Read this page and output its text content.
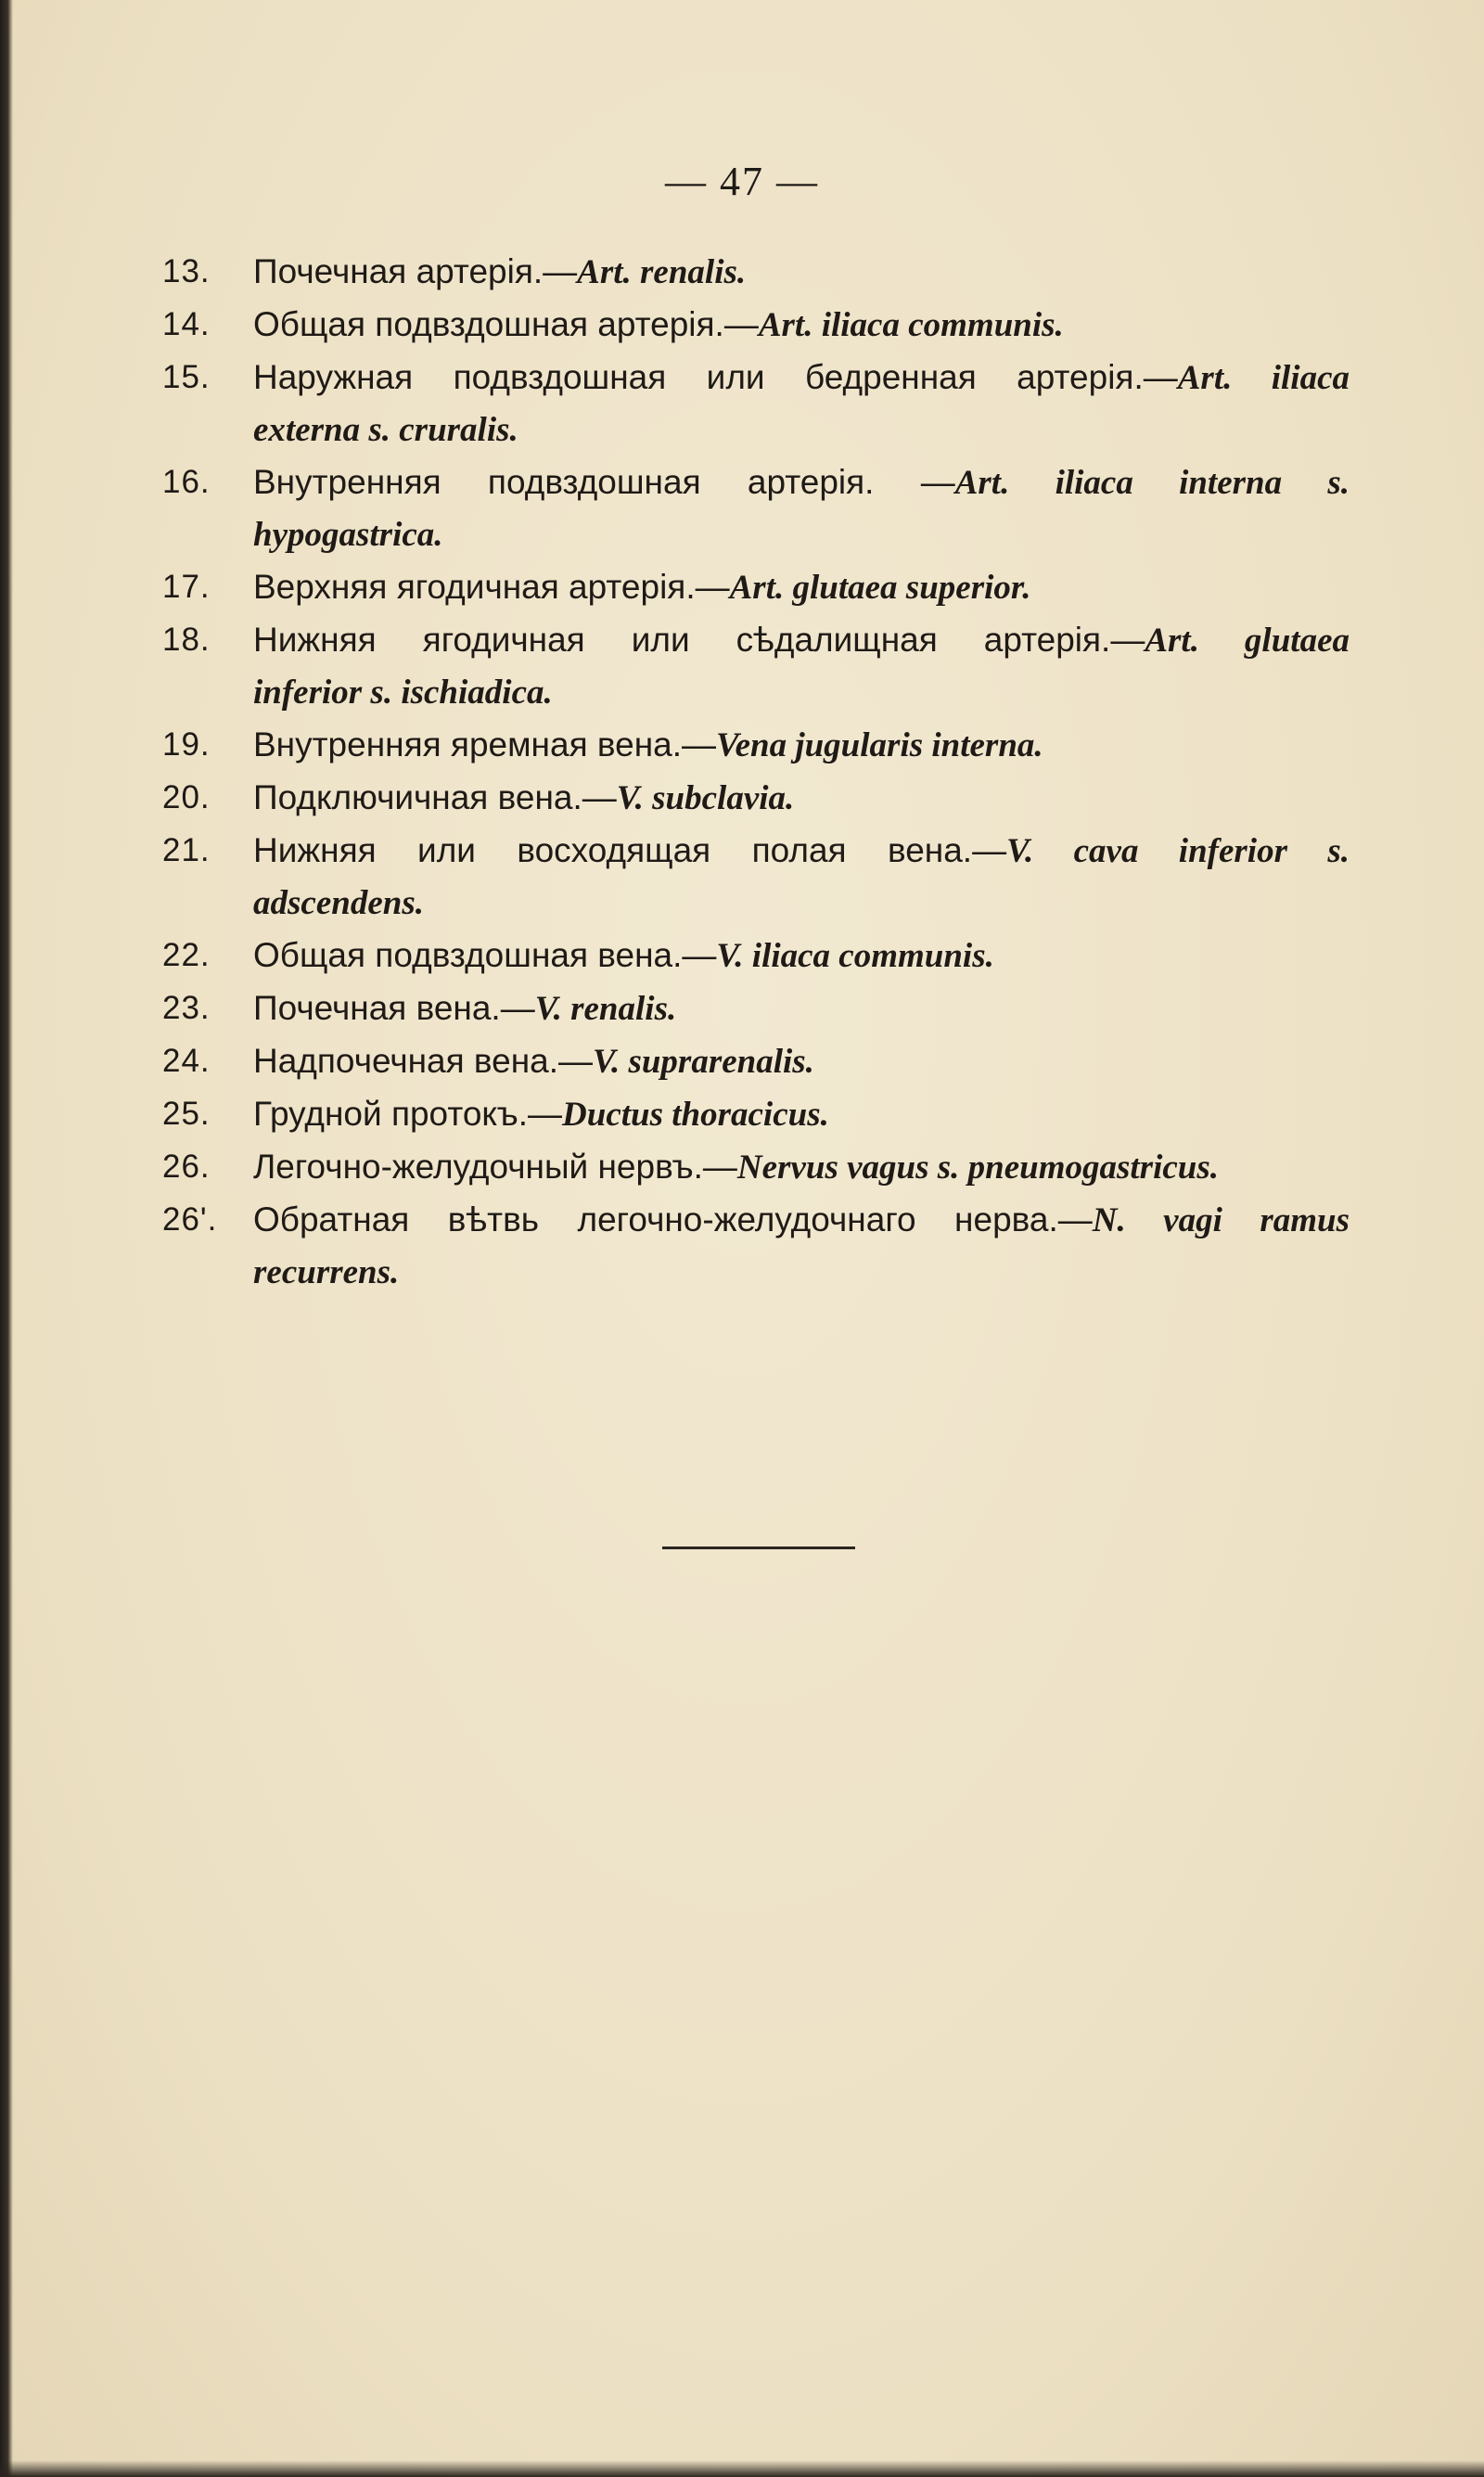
— 47 —
13.	Почечная артерія.—Art. renalis.
14.	Общая подвздошная артерія.—Art. iliaca communis.
15.	Наружная подвздошная или бедренная артерія.—Art. iliaca
externa s. cruralis.
16.	Внутренняя подвздошная артерія. —Art. iliaca interna s.
hypogastrica.
17.	Верхняя ягодичная артерія.—Art. glutaea superior.
18.	Нижняя ягодичная или сѣдалищная артерія.—Art. glutaea
inferior s. ischiadica.
19.	Внутренняя яремная вена.—Vena jugularis interna.
20.	Подключичная вена.—V. subclavia.
21.	Нижняя или восходящая полая вена.—V. cava inferior s.
adscendens.
22.	Общая подвздошная вена.—V. iliaca communis.
23.	Почечная вена.—V. renalis.
24.	Надпочечная вена.—V. suprarenalis.
25.	Грудной протокъ.—Ductus thoracicus.
26.	Легочно-желудочный нервъ.—Nervus vagus s. pneumogastricus.
26'.	Обратная вѣтвь легочно-желудочнаго нерва.—N. vagi ramus
recurrens.
